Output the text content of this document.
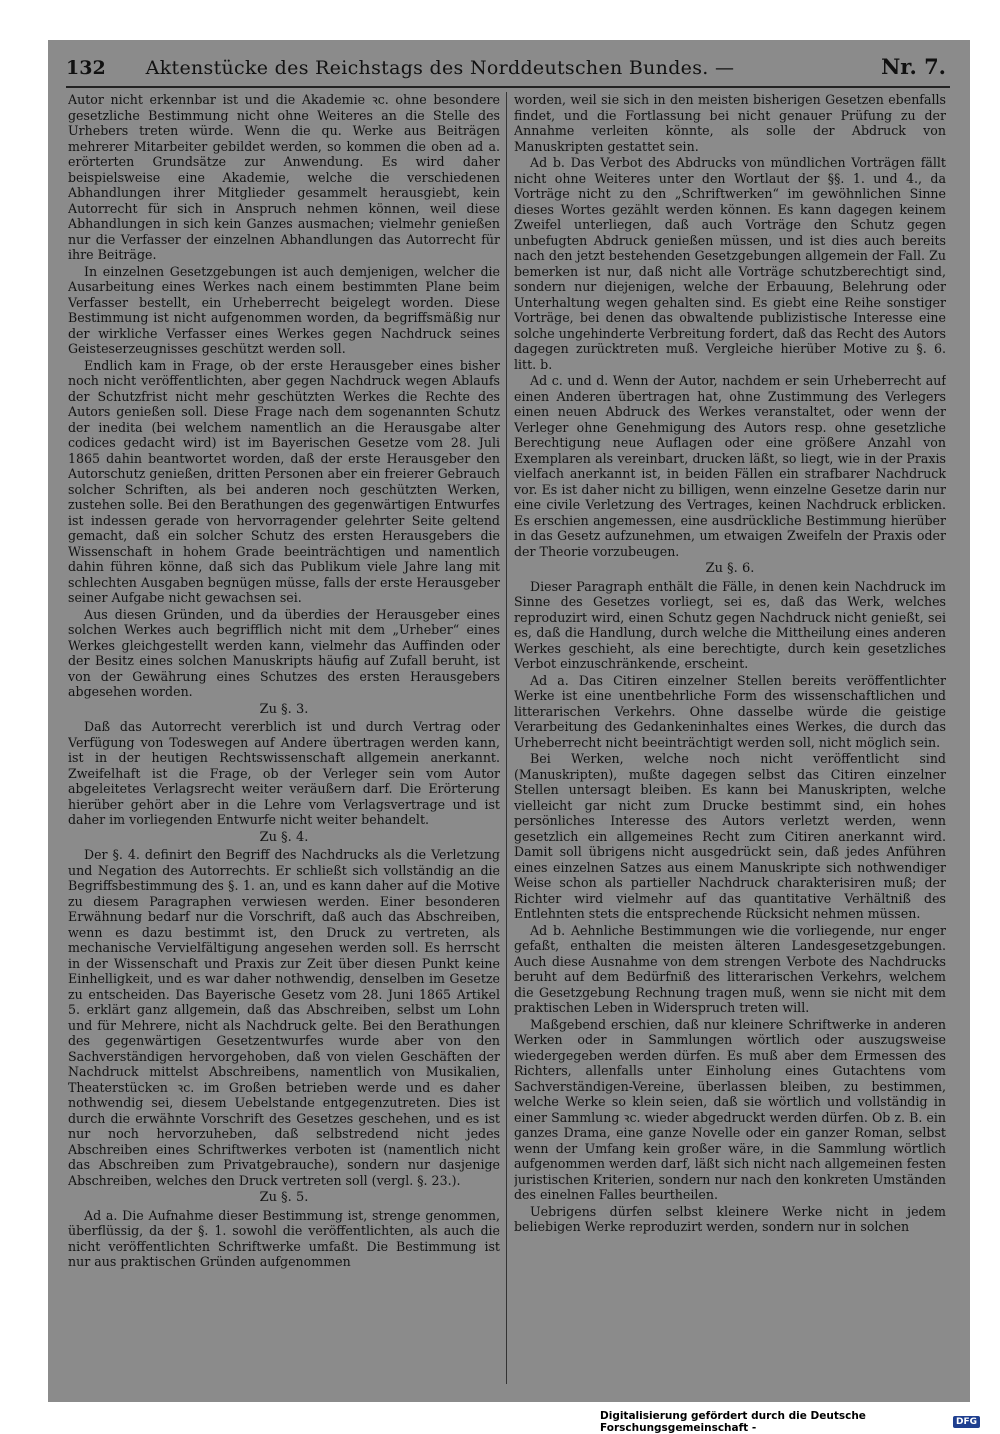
132 Aktenstücke des Reichstags des Norddeutschen Bundes. —	Nr. 7.

Autor nicht erkennbar ist und die Akademie ꝛc. ohne besondere gesetzliche Bestimmung nicht ohne Weiteres an die Stelle des Urhebers treten würde. Wenn die qu. Werke aus Beiträgen mehrerer Mitarbeiter gebildet werden, so kommen die oben ad a. erörterten Grundsätze zur Anwendung. Es wird daher beispielsweise eine Akademie, welche die verschiedenen Abhandlungen ihrer Mitglieder gesammelt herausgiebt, kein Autorrecht für sich in Anspruch nehmen können, weil diese Abhandlungen in sich kein Ganzes ausmachen; vielmehr genießen nur die Verfasser der einzelnen Abhandlungen das Autorrecht für ihre Beiträge.

In einzelnen Gesetzgebungen ist auch demjenigen, welcher die Ausarbeitung eines Werkes nach einem bestimmten Plane beim Verfasser bestellt, ein Urheberrecht beigelegt worden. Diese Bestimmung ist nicht aufgenommen worden, da begriffsmäßig nur der wirkliche Verfasser eines Werkes gegen Nachdruck seines Geisteserzeugnisses geschützt werden soll.

Endlich kam in Frage, ob der erste Herausgeber eines bisher noch nicht veröffentlichten, aber gegen Nachdruck wegen Ablaufs der Schutzfrist nicht mehr geschützten Werkes die Rechte des Autors genießen soll. Diese Frage nach dem sogenannten Schutz der inedita (bei welchem namentlich an die Herausgabe alter codices gedacht wird) ist im Bayerischen Gesetze vom 28. Juli 1865 dahin beantwortet worden, daß der erste Herausgeber den Autorschutz genießen, dritten Personen aber ein freierer Gebrauch solcher Schriften, als bei anderen noch geschützten Werken, zustehen solle. Bei den Berathungen des gegenwärtigen Entwurfes ist indessen gerade von hervorragender gelehrter Seite geltend gemacht, daß ein solcher Schutz des ersten Herausgebers die Wissenschaft in hohem Grade beeinträchtigen und namentlich dahin führen könne, daß sich das Publikum viele Jahre lang mit schlechten Ausgaben begnügen müsse, falls der erste Herausgeber seiner Aufgabe nicht gewachsen sei.

Aus diesen Gründen, und da überdies der Herausgeber eines solchen Werkes auch begrifflich nicht mit dem „Urheber“ eines Werkes gleichgestellt werden kann, vielmehr das Auffinden oder der Besitz eines solchen Manuskripts häufig auf Zufall beruht, ist von der Gewährung eines Schutzes des ersten Herausgebers abgesehen worden.

Zu §. 3.

Daß das Autorrecht vererblich ist und durch Vertrag oder Verfügung von Todeswegen auf Andere übertragen werden kann, ist in der heutigen Rechtswissenschaft allgemein anerkannt. Zweifelhaft ist die Frage, ob der Verleger sein vom Autor abgeleitetes Verlagsrecht weiter veräußern darf. Die Erörterung hierüber gehört aber in die Lehre vom Verlagsvertrage und ist daher im vorliegenden Entwurfe nicht weiter behandelt.

Zu §. 4.

Der §. 4. definirt den Begriff des Nachdrucks als die Verletzung und Negation des Autorrechts. Er schließt sich vollständig an die Begriffsbestimmung des §. 1. an, und es kann daher auf die Motive zu diesem Paragraphen verwiesen werden. Einer besonderen Erwähnung bedarf nur die Vorschrift, daß auch das Abschreiben, wenn es dazu bestimmt ist, den Druck zu vertreten, als mechanische Vervielfältigung angesehen werden soll. Es herrscht in der Wissenschaft und Praxis zur Zeit über diesen Punkt keine Einhelligkeit, und es war daher nothwendig, denselben im Gesetze zu entscheiden. Das Bayerische Gesetz vom 28. Juni 1865 Artikel 5. erklärt ganz allgemein, daß das Abschreiben, selbst um Lohn und für Mehrere, nicht als Nachdruck gelte. Bei den Berathungen des gegenwärtigen Gesetzentwurfes wurde aber von den Sachverständigen hervorgehoben, daß von vielen Geschäften der Nachdruck mittelst Abschreibens, namentlich von Musikalien, Theaterstücken ꝛc. im Großen betrieben werde und es daher nothwendig sei, diesem Uebelstande entgegenzutreten. Dies ist durch die erwähnte Vorschrift des Gesetzes geschehen, und es ist nur noch hervorzuheben, daß selbstredend nicht jedes Abschreiben eines Schriftwerkes verboten ist (namentlich nicht das Abschreiben zum Privatgebrauche), sondern nur dasjenige Abschreiben, welches den Druck vertreten soll (vergl. §. 23.).

Zu §. 5.

Ad a. Die Aufnahme dieser Bestimmung ist, strenge genommen, überflüssig, da der §. 1. sowohl die veröffentlichten, als auch die nicht veröffentlichten Schriftwerke umfaßt. Die Bestimmung ist nur aus praktischen Gründen aufgenommen

worden, weil sie sich in den meisten bisherigen Gesetzen ebenfalls findet, und die Fortlassung bei nicht genauer Prüfung zu der Annahme verleiten könnte, als solle der Abdruck von Manuskripten gestattet sein.

Ad b. Das Verbot des Abdrucks von mündlichen Vorträgen fällt nicht ohne Weiteres unter den Wortlaut der §§. 1. und 4., da Vorträge nicht zu den „Schriftwerken“ im gewöhnlichen Sinne dieses Wortes gezählt werden können. Es kann dagegen keinem Zweifel unterliegen, daß auch Vorträge den Schutz gegen unbefugten Abdruck genießen müssen, und ist dies auch bereits nach den jetzt bestehenden Gesetzgebungen allgemein der Fall. Zu bemerken ist nur, daß nicht alle Vorträge schutzberechtigt sind, sondern nur diejenigen, welche der Erbauung, Belehrung oder Unterhaltung wegen gehalten sind. Es giebt eine Reihe sonstiger Vorträge, bei denen das obwaltende publizistische Interesse eine solche ungehinderte Verbreitung fordert, daß das Recht des Autors dagegen zurücktreten muß. Vergleiche hierüber Motive zu §. 6. litt. b.

Ad c. und d. Wenn der Autor, nachdem er sein Urheberrecht auf einen Anderen übertragen hat, ohne Zustimmung des Verlegers einen neuen Abdruck des Werkes veranstaltet, oder wenn der Verleger ohne Genehmigung des Autors resp. ohne gesetzliche Berechtigung neue Auflagen oder eine größere Anzahl von Exemplaren als vereinbart, drucken läßt, so liegt, wie in der Praxis vielfach anerkannt ist, in beiden Fällen ein strafbarer Nachdruck vor. Es ist daher nicht zu billigen, wenn einzelne Gesetze darin nur eine civile Verletzung des Vertrages, keinen Nachdruck erblicken. Es erschien angemessen, eine ausdrückliche Bestimmung hierüber in das Gesetz aufzunehmen, um etwaigen Zweifeln der Praxis oder der Theorie vorzubeugen.

Zu §. 6.

Dieser Paragraph enthält die Fälle, in denen kein Nachdruck im Sinne des Gesetzes vorliegt, sei es, daß das Werk, welches reproduzirt wird, einen Schutz gegen Nachdruck nicht genießt, sei es, daß die Handlung, durch welche die Mittheilung eines anderen Werkes geschieht, als eine berechtigte, durch kein gesetzliches Verbot einzuschränkende, erscheint.

Ad a. Das Citiren einzelner Stellen bereits veröffentlichter Werke ist eine unentbehrliche Form des wissenschaftlichen und litterarischen Verkehrs. Ohne dasselbe würde die geistige Verarbeitung des Gedankeninhaltes eines Werkes, die durch das Urheberrecht nicht beeinträchtigt werden soll, nicht möglich sein.

Bei Werken, welche noch nicht veröffentlicht sind (Manuskripten), mußte dagegen selbst das Citiren einzelner Stellen untersagt bleiben. Es kann bei Manuskripten, welche vielleicht gar nicht zum Drucke bestimmt sind, ein hohes persönliches Interesse des Autors verletzt werden, wenn gesetzlich ein allgemeines Recht zum Citiren anerkannt wird. Damit soll übrigens nicht ausgedrückt sein, daß jedes Anführen eines einzelnen Satzes aus einem Manuskripte sich nothwendiger Weise schon als partieller Nachdruck charakterisiren muß; der Richter wird vielmehr auf das quantitative Verhältniß des Entlehnten stets die entsprechende Rücksicht nehmen müssen.

Ad b. Aehnliche Bestimmungen wie die vorliegende, nur enger gefaßt, enthalten die meisten älteren Landesgesetzgebungen. Auch diese Ausnahme von dem strengen Verbote des Nachdrucks beruht auf dem Bedürfniß des litterarischen Verkehrs, welchem die Gesetzgebung Rechnung tragen muß, wenn sie nicht mit dem praktischen Leben in Widerspruch treten will.

Maßgebend erschien, daß nur kleinere Schriftwerke in anderen Werken oder in Sammlungen wörtlich oder auszugsweise wiedergegeben werden dürfen. Es muß aber dem Ermessen des Richters, allenfalls unter Einholung eines Gutachtens vom Sachverständigen-Vereine, überlassen bleiben, zu bestimmen, welche Werke so klein seien, daß sie wörtlich und vollständig in einer Sammlung ꝛc. wieder abgedruckt werden dürfen. Ob z. B. ein ganzes Drama, eine ganze Novelle oder ein ganzer Roman, selbst wenn der Umfang kein großer wäre, in die Sammlung wörtlich aufgenommen werden darf, läßt sich nicht nach allgemeinen festen juristischen Kriterien, sondern nur nach den konkreten Umständen des einelnen Falles beurtheilen.

Uebrigens dürfen selbst kleinere Werke nicht in jedem beliebigen Werke reproduzirt werden, sondern nur in solchen

Digitalisierung gefördert durch die Deutsche Forschungsgemeinschaft -	DFG
